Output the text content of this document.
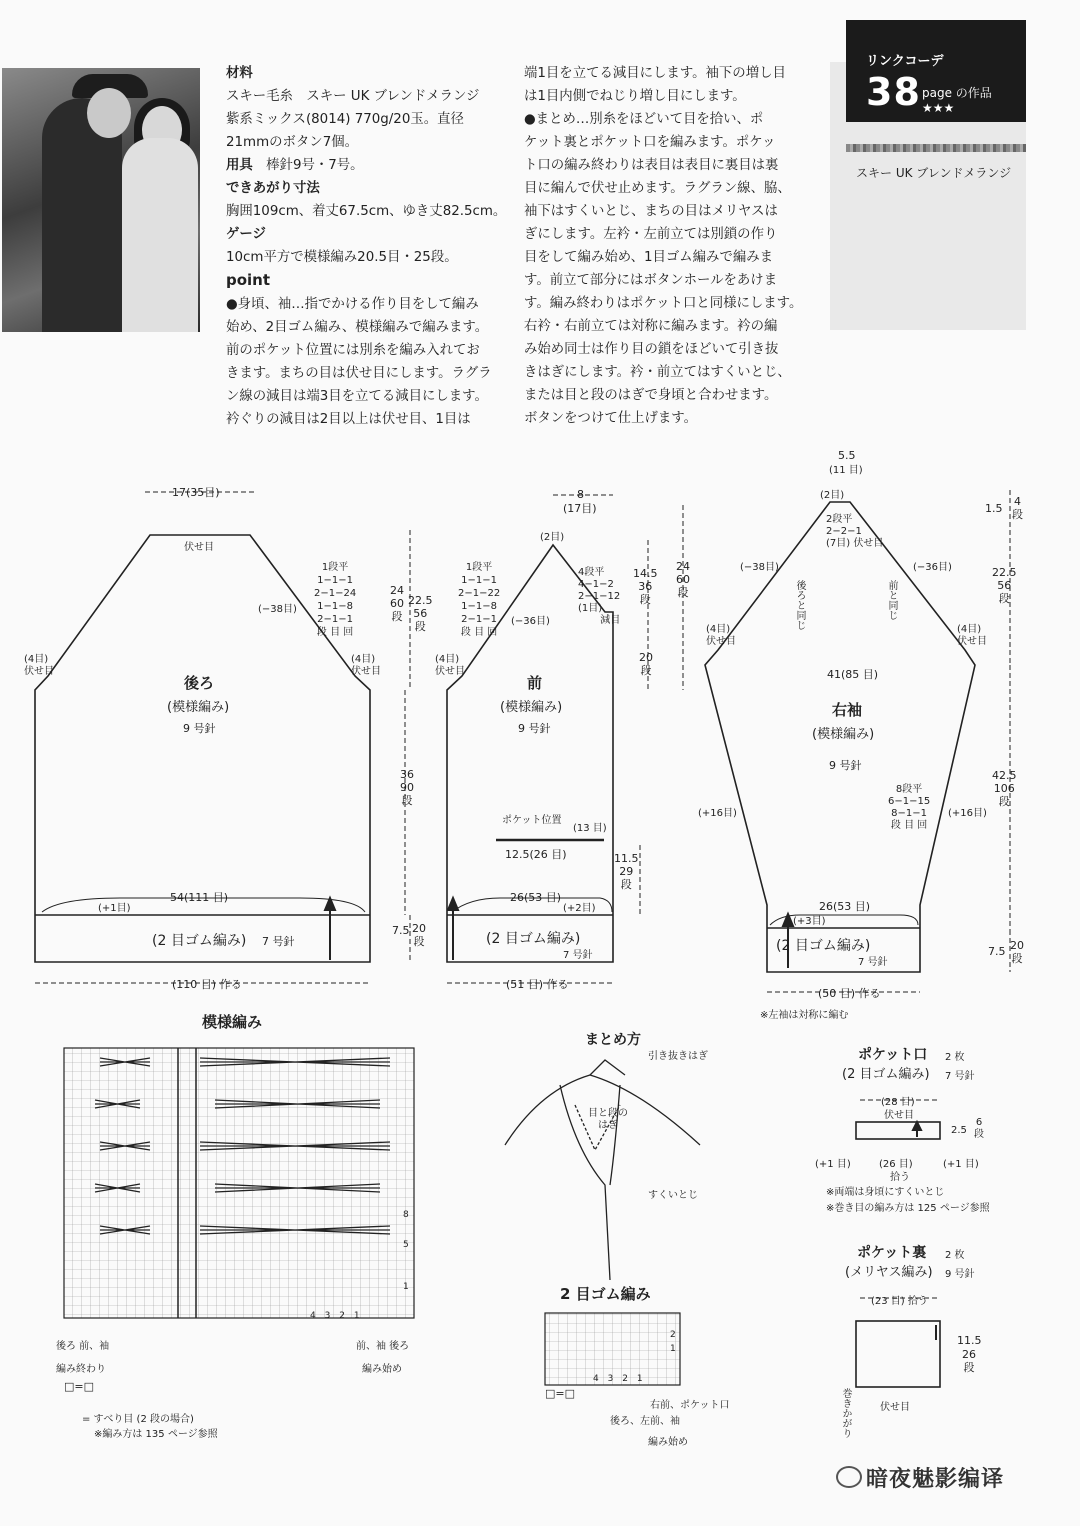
材料
スキー毛糸　スキー UK ブレンドメランジ
紫系ミックス(8014) 770g/20玉。直径
21mmのボタン7個。
用具　 棒針9号・7号。
できあがり寸法
胸囲109cm、着丈67.5cm、ゆき丈82.5cm。
ゲージ
10cm平方で模様編み20.5目・25段。
point
●身頃、袖…指でかける作り目をして編み
始め、2目ゴム編み、模様編みで編みます。
前のポケット位置には別糸を編み入れてお
きます。まちの目は伏せ目にします。ラグラ
ン線の減目は端3目を立てる減目にします。
衿ぐりの減目は2目以上は伏せ目、1目は
端1目を立てる減目にします。袖下の増し目
は1目内側でねじり増し目にします。
●まとめ…別糸をほどいて目を拾い、ポ
ケット裏とポケット口を編みます。ポケッ
ト口の編み終わりは表目は表目に裏目は裏
目に編んで伏せ止めます。ラグラン線、脇、
袖下はすくいとじ、まちの目はメリヤスは
ぎにします。左衿・左前立ては別鎖の作り
目をして編み始め、1目ゴム編みで編みま
す。前立て部分にはボタンホールをあけま
す。編み終わりはポケット口と同様にします。
右衿・右前立ては対称に編みます。衿の編
み始め同士は作り目の鎖をほどいて引き抜
きはぎにします。衿・前立てはすくいとじ、
または目と段のはぎで身頃と合わせます。
ボタンをつけて仕上げます。
スキー UK ブレンドメランジ
リンクコーデ
38 page の作品 ★★★
17(35目)
伏せ目
(−38目)
1段平
1−1−1
2−1−24
1−1−8
2−1−1
段 目 回
(4目)
伏せ目
(4目)
伏せ目
後ろ
(模様編み)
9 号針
54(111 目)
(+1目)
(2 目ゴム編み) 7 号針
(110 目) 作る
24
60
段
22.5
56
段
36
90
段
7.5 20
段
8
(17目)
(2目)
1段平
1−1−1
2−1−22
1−1−8
2−1−1
段 目 回
(−36目)
4段平
4−1−2
2−1−12
(1目)
減目
(4目)
伏せ目
前
(模様編み)
9 号針
ポケット位置
(13 目)
12.5(26 目)
26(53 目)
(+2目)
(2 目ゴム編み)
7 号針
(51 目) 作る
14.5
36
段
24
60
段
20
段
11.5
29
段
5.5
(11 目)
(2目)
2段平
2−2−1
(7目) 伏せ目
(−38目)	(−36目)
後ろと同じ	前と同じ
(4目)
伏せ目
(4目)
伏せ目
41(85 目)
右袖
(模様編み)
9 号針
8段平
6−1−15
8−1−1
段 目 回
(+16目)	(+16目)
26(53 目)
(+3目)
(2 目ゴム編み)
7 号針
(50 目) 作る
※左袖は対称に編む
1.5
4
段
22.5
56
段
42.5
106
段
7.5 20
段
模様編み
4 3 2 1
8
5
1
後ろ 前、袖
編み終わり
前、袖 後ろ
編み始め
□=□
= すべり目 (2 段の場合)
※編み方は 135 ページ参照
まとめ方
引き抜きはぎ
目と段の
はぎ
すくいとじ
2 目ゴム編み
4 3 2 1
2
1
□=□
右前、ポケット口
後ろ、左前、袖
編み始め
ポケット口 2 枚
(2 目ゴム編み) 7 号針
(28 目)
伏せ目
2.5
6
段
(+1 目)	(26 目)
拾う
(+1 目)
※両端は身頃にすくいとじ
※巻き目の編み方は 125 ページ参照
ポケット裏 2 枚
(メリヤス編み) 9 号針
(23 目) 拾う
11.5
26
段
伏せ目
巻きかがり
暗夜魅影编译
